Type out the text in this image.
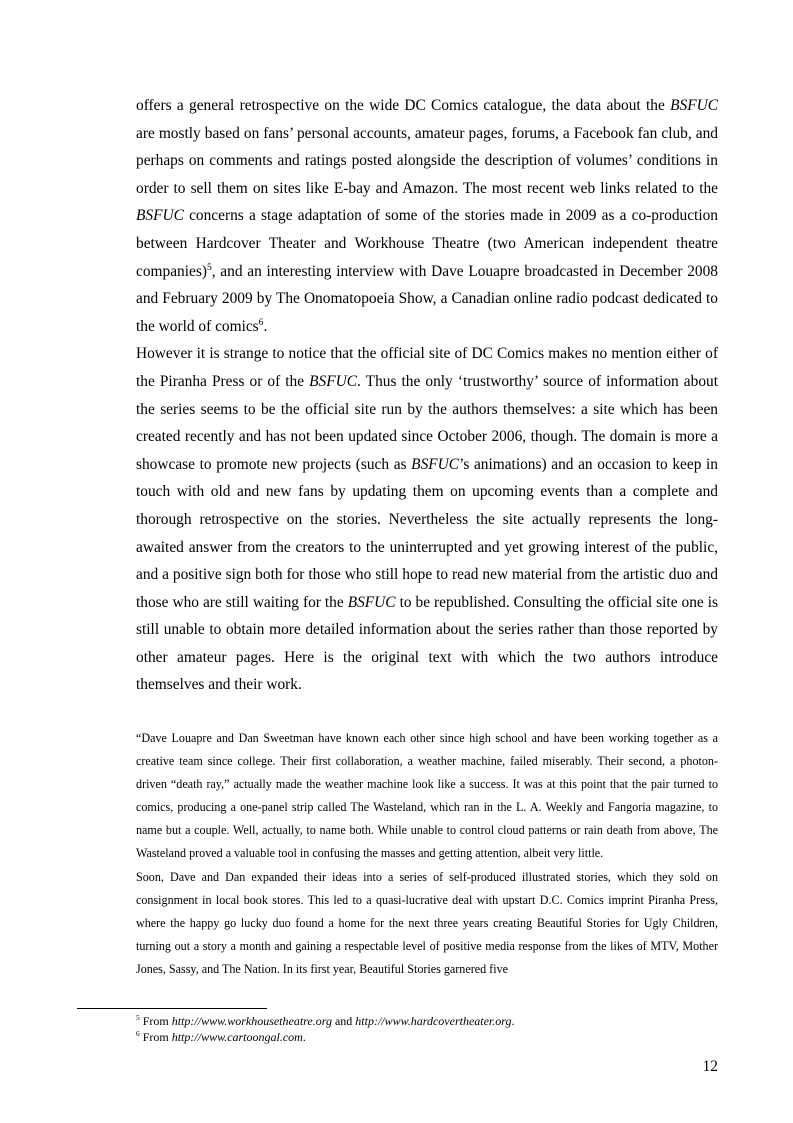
offers a general retrospective on the wide DC Comics catalogue, the data about the BSFUC are mostly based on fans’ personal accounts, amateur pages, forums, a Facebook fan club, and perhaps on comments and ratings posted alongside the description of volumes’ conditions in order to sell them on sites like E-bay and Amazon. The most recent web links related to the BSFUC concerns a stage adaptation of some of the stories made in 2009 as a co-production between Hardcover Theater and Workhouse Theatre (two American independent theatre companies)$^5$, and an interesting interview with Dave Louapre broadcasted in December 2008 and February 2009 by The Onomatopoeia Show, a Canadian online radio podcast dedicated to the world of comics$^6$.

However it is strange to notice that the official site of DC Comics makes no mention either of the Piranha Press or of the BSFUC. Thus the only ‘trustworthy’ source of information about the series seems to be the official site run by the authors themselves: a site which has been created recently and has not been updated since October 2006, though. The domain is more a showcase to promote new projects (such as BSFUC’s animations) and an occasion to keep in touch with old and new fans by updating them on upcoming events than a complete and thorough retrospective on the stories. Nevertheless the site actually represents the long-awaited answer from the creators to the uninterrupted and yet growing interest of the public, and a positive sign both for those who still hope to read new material from the artistic duo and those who are still waiting for the BSFUC to be republished. Consulting the official site one is still unable to obtain more detailed information about the series rather than those reported by other amateur pages. Here is the original text with which the two authors introduce themselves and their work.

“Dave Louapre and Dan Sweetman have known each other since high school and have been working together as a creative team since college. Their first collaboration, a weather machine, failed miserably. Their second, a photon-driven “death ray,” actually made the weather machine look like a success. It was at this point that the pair turned to comics, producing a one-panel strip called The Wasteland, which ran in the L. A. Weekly and Fangoria magazine, to name but a couple. Well, actually, to name both. While unable to control cloud patterns or rain death from above, The Wasteland proved a valuable tool in confusing the masses and getting attention, albeit very little.

Soon, Dave and Dan expanded their ideas into a series of self-produced illustrated stories, which they sold on consignment in local book stores. This led to a quasi-lucrative deal with upstart D.C. Comics imprint Piranha Press, where the happy go lucky duo found a home for the next three years creating Beautiful Stories for Ugly Children, turning out a story a month and gaining a respectable level of positive media response from the likes of MTV, Mother Jones, Sassy, and The Nation. In its first year, Beautiful Stories garnered five

$^5$ From http://www.workhousetheatre.org and http://www.hardcovertheater.org.

$^6$ From http://www.cartoongal.com.

12
